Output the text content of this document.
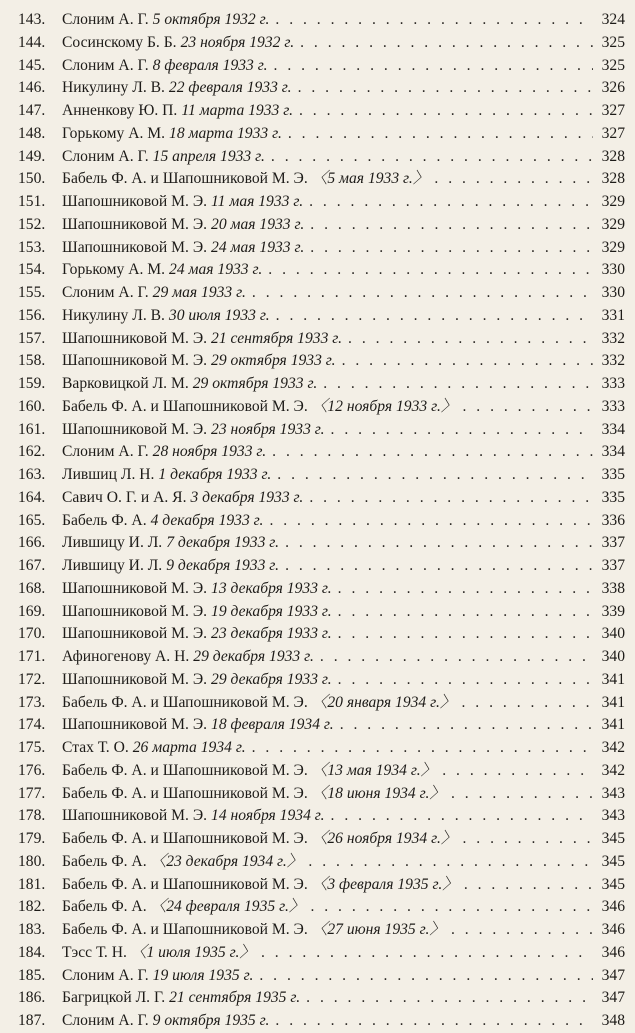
143.	Слоним А. Г. 5 октября 1932 г. . . .	324
144.	Сосинскому Б. Б. 23 ноября 1932 г. . . .	325
145.	Слоним А. Г. 8 февраля 1933 г. . . .	325
146.	Никулину Л. В. 22 февраля 1933 г. . . .	326
147.	Анненкову Ю. П. 11 марта 1933 г. . . .	327
148.	Горькому А. М. 18 марта 1933 г. . . .	327
149.	Слоним А. Г. 15 апреля 1933 г. . . .	328
150.	Бабель Ф. А. и Шапошниковой М. Э. 〈5 мая 1933 г.〉 . . .	328
151.	Шапошниковой М. Э. 11 мая 1933 г. . . .	329
152.	Шапошниковой М. Э. 20 мая 1933 г. . . .	329
153.	Шапошниковой М. Э. 24 мая 1933 г. . . .	329
154.	Горькому А. М. 24 мая 1933 г. . . .	330
155.	Слоним А. Г. 29 мая 1933 г. . . .	330
156.	Никулину Л. В. 30 июля 1933 г. . . .	331
157.	Шапошниковой М. Э. 21 сентября 1933 г. . . .	332
158.	Шапошниковой М. Э. 29 октября 1933 г. . . .	332
159.	Варковицкой Л. М. 29 октября 1933 г. . . .	333
160.	Бабель Ф. А. и Шапошниковой М. Э. 〈12 ноября 1933 г.〉 . . .	333
161.	Шапошниковой М. Э. 23 ноября 1933 г. . . .	334
162.	Слоним А. Г. 28 ноября 1933 г. . . .	334
163.	Лившиц Л. Н. 1 декабря 1933 г. . . .	335
164.	Савич О. Г. и А. Я. 3 декабря 1933 г. . . .	335
165.	Бабель Ф. А. 4 декабря 1933 г. . . .	336
166.	Лившицу И. Л. 7 декабря 1933 г. . . .	337
167.	Лившицу И. Л. 9 декабря 1933 г. . . .	337
168.	Шапошниковой М. Э. 13 декабря 1933 г. . . .	338
169.	Шапошниковой М. Э. 19 декабря 1933 г. . . .	339
170.	Шапошниковой М. Э. 23 декабря 1933 г. . . .	340
171.	Афиногенову А. Н. 29 декабря 1933 г. . . .	340
172.	Шапошниковой М. Э. 29 декабря 1933 г. . . .	341
173.	Бабель Ф. А. и Шапошниковой М. Э. 〈20 января 1934 г.〉 . . .	341
174.	Шапошниковой М. Э. 18 февраля 1934 г. . . .	341
175.	Стах Т. О. 26 марта 1934 г. . . .	342
176.	Бабель Ф. А. и Шапошниковой М. Э. 〈13 мая 1934 г.〉 . . .	342
177.	Бабель Ф. А. и Шапошниковой М. Э. 〈18 июня 1934 г.〉 . . .	343
178.	Шапошниковой М. Э. 14 ноября 1934 г. . . .	343
179.	Бабель Ф. А. и Шапошниковой М. Э. 〈26 ноября 1934 г.〉 . . .	345
180.	Бабель Ф. А. 〈23 декабря 1934 г.〉 . . .	345
181.	Бабель Ф. А. и Шапошниковой М. Э. 〈3 февраля 1935 г.〉 . . .	345
182.	Бабель Ф. А. 〈24 февраля 1935 г.〉 . . .	346
183.	Бабель Ф. А. и Шапошниковой М. Э. 〈27 июня 1935 г.〉 . . .	346
184.	Тэсс Т. Н. 〈1 июля 1935 г.〉 . . .	346
185.	Слоним А. Г. 19 июля 1935 г. . . .	347
186.	Багрицкой Л. Г. 21 сентября 1935 г. . . .	347
187.	Слоним А. Г. 9 октября 1935 г. . . .	348
